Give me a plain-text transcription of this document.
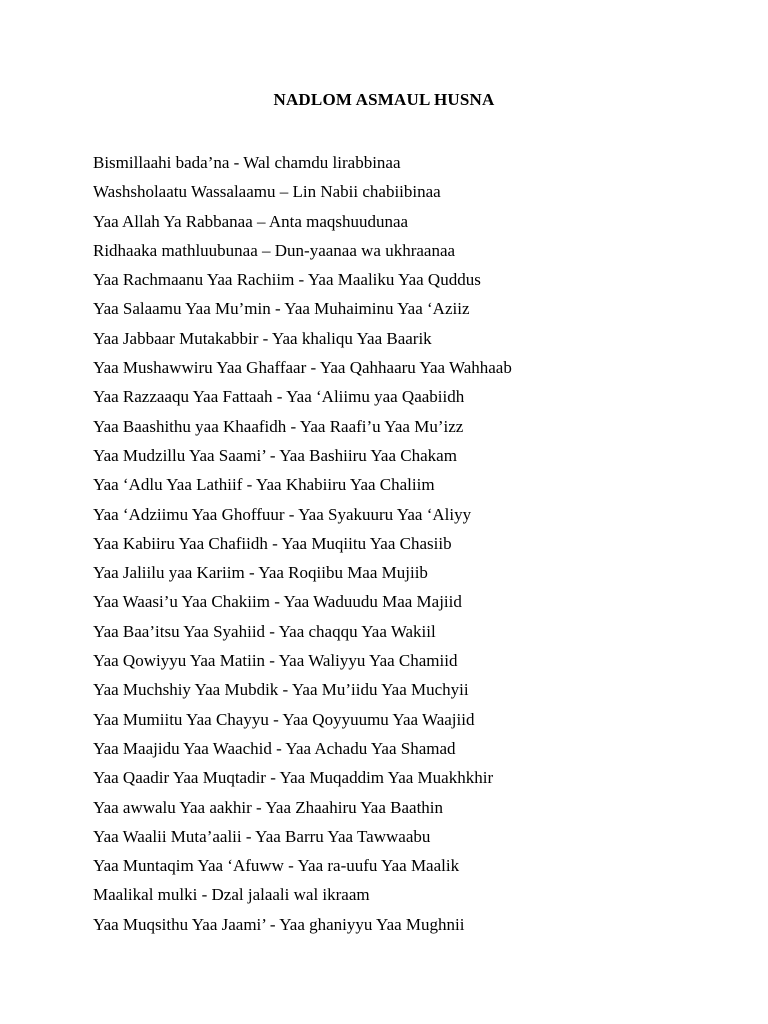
NADLOM ASMAUL HUSNA
Bismillaahi bada’na - Wal chamdu lirabbinaa
Washsholaatu Wassalaamu – Lin Nabii chabiibinaa
Yaa Allah Ya Rabbanaa – Anta maqshuudunaa
Ridhaaka mathluubunaa – Dun-yaanaa wa ukhraanaa
Yaa Rachmaanu Yaa Rachiim - Yaa Maaliku Yaa Quddus
Yaa Salaamu Yaa Mu’min - Yaa Muhaiminu Yaa ‘Aziiz
Yaa Jabbaar Mutakabbir - Yaa khaliqu Yaa Baarik
Yaa Mushawwiru Yaa Ghaffaar - Yaa Qahhaaru Yaa Wahhaab
Yaa Razzaaqu Yaa Fattaah - Yaa ‘Aliimu yaa Qaabiidh
Yaa Baashithu yaa Khaafidh - Yaa Raafi’u Yaa Mu’izz
Yaa Mudzillu Yaa Saami’ - Yaa Bashiiru Yaa Chakam
Yaa ‘Adlu Yaa Lathiif - Yaa Khabiiru Yaa Chaliim
Yaa ‘Adziimu Yaa Ghoffuur - Yaa Syakuuru Yaa ‘Aliyy
Yaa Kabiiru Yaa Chafiidh - Yaa Muqiitu Yaa Chasiib
Yaa Jaliilu yaa Kariim - Yaa Roqiibu Maa Mujiib
Yaa Waasi’u Yaa Chakiim - Yaa Waduudu Maa Majiid
Yaa Baa’itsu Yaa Syahiid - Yaa chaqqu Yaa Wakiil
Yaa Qowiyyu Yaa Matiin - Yaa Waliyyu Yaa Chamiid
Yaa Muchshiy Yaa Mubdik - Yaa Mu’iidu Yaa Muchyii
Yaa Mumiitu Yaa Chayyu - Yaa Qoyyuumu Yaa Waajiid
Yaa Maajidu Yaa Waachid - Yaa Achadu Yaa Shamad
Yaa Qaadir Yaa Muqtadir - Yaa Muqaddim Yaa Muakhkhir
Yaa awwalu Yaa aakhir - Yaa Zhaahiru Yaa Baathin
Yaa Waalii Muta’aalii - Yaa Barru Yaa Tawwaabu
Yaa Muntaqim Yaa ‘Afuww - Yaa ra-uufu Yaa Maalik
Maalikal mulki - Dzal jalaali wal ikraam
Yaa Muqsithu Yaa Jaami’ - Yaa ghaniyyu Yaa Mughnii
